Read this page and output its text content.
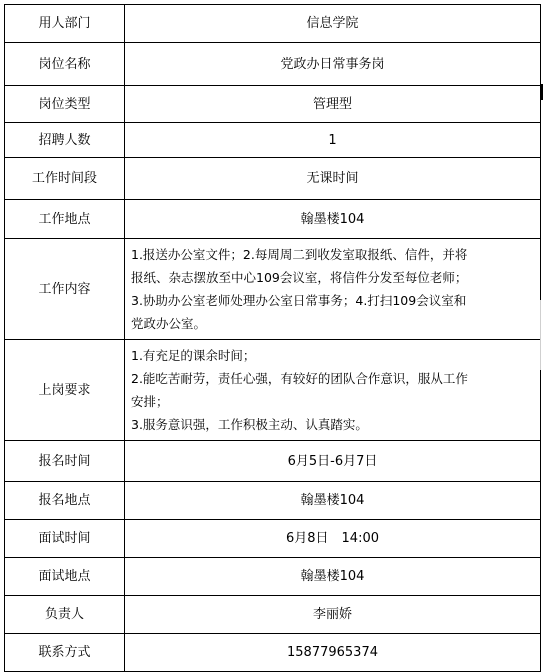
用人部门	信息学院
岗位名称	党政办日常事务岗
岗位类型	管理型
招聘人数	1
工作时间段	无课时间
工作地点	翰墨楼104
工作内容	1.报送办公室文件；2.每周周二到收发室取报纸、信件，并将
报纸、杂志摆放至中心109会议室，将信件分发至每位老师；
3.协助办公室老师处理办公室日常事务；4.打扫109会议室和
党政办公室。

上岗要求	1.有充足的课余时间；
2.能吃苦耐劳，责任心强，有较好的团队合作意识，服从工作
安排；
3.服务意识强，工作积极主动、认真踏实。

报名时间	6月5日-6月7日
报名地点	翰墨楼104
面试时间	6月8日　14:00
面试地点	翰墨楼104
负责人	李丽娇
联系方式	15877965374
